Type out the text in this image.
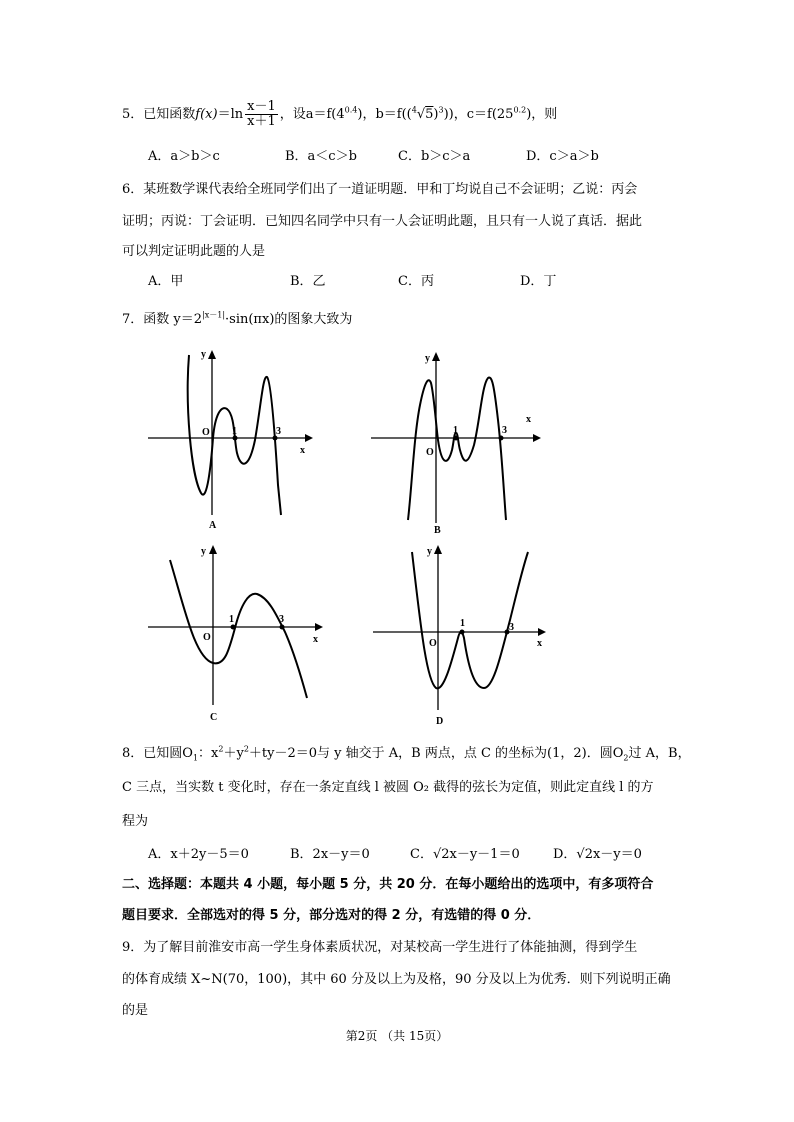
5．已知函数$f(x)=\ln \frac{x-1}{x+1}$ ，设$a=f(4^{0.4})$，$b=f((^4√5)^3)$)，$c=f(25^{0.2})$，则
A．a＞b＞c	B．a＜c＞b	C．b＞c＞a	D．c＞a＞b
6．某班数学课代表给全班同学们出了一道证明题．甲和丁均说自己不会证明；乙说：丙会
证明；丙说：丁会证明．已知四名同学中只有一人会证明此题，且只有一人说了真话．据此
可以判定证明此题的人是
A．甲	B．乙	C．丙	D．丁
7．函数 $y=2^{|x-1|}\cdot\sin(\pi x)$的图象大致为
y
x
O 1	3
A
y
x
O
1	3
B
y
x
O
1	3
C
y
x
O
1	3
D
8．已知圆$O_1$：$x^2+y^2+ty-2=0$与 y 轴交于 A，B 两点，点 C 的坐标为(1，2)．圆$O_2$过 A，B，
C 三点，当实数 t 变化时，存在一条定直线 l 被圆 O₂ 截得的弦长为定值，则此定直线 l 的方
程为
A．x＋2y－5＝0	B．2x－y＝0	C．√2x－y－1＝0	D．√2x－y＝0
二、选择题：本题共 4 小题，每小题 5 分，共 20 分．在每小题给出的选项中，有多项符合
题目要求．全部选对的得 5 分，部分选对的得 2 分，有选错的得 0 分．
9．为了解目前淮安市高一学生身体素质状况，对某校高一学生进行了体能抽测，得到学生
的体育成绩 X~N(70，100)，其中 60 分及以上为及格，90 分及以上为优秀．则下列说明正确
的是
第2页 （共 15页）
